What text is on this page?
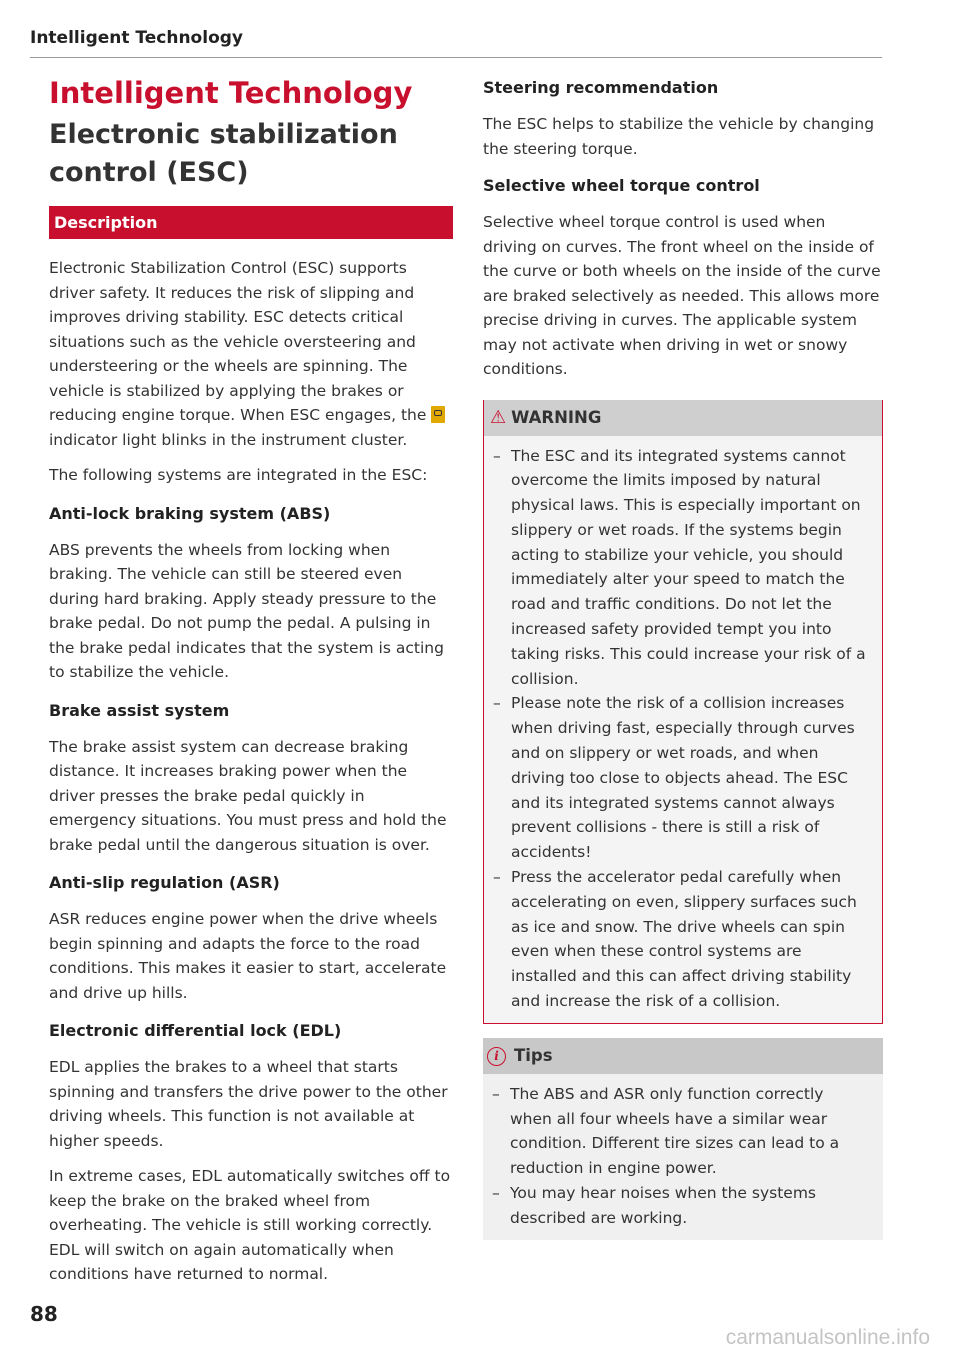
Intelligent Technology
Intelligent Technology
Electronic stabilization
control (ESC)
Description

Electronic Stabilization Control (ESC) supports driver safety. It reduces the risk of slipping and improves driving stability. ESC detects critical situations such as the vehicle oversteering and understeering or the wheels are spinning. The vehicle is stabilized by applying the brakes or reducing engine torque. When ESC engages, the  indicator light blinks in the instrument cluster.

The following systems are integrated in the ESC:

Anti-lock braking system (ABS)

ABS prevents the wheels from locking when braking. The vehicle can still be steered even during hard braking. Apply steady pressure to the brake pedal. Do not pump the pedal. A pulsing in the brake pedal indicates that the system is acting to stabilize the vehicle.

Brake assist system

The brake assist system can decrease braking distance. It increases braking power when the driver presses the brake pedal quickly in emergency situations. You must press and hold the brake pedal until the dangerous situation is over.

Anti-slip regulation (ASR)

ASR reduces engine power when the drive wheels begin spinning and adapts the force to the road conditions. This makes it easier to start, accelerate and drive up hills.

Electronic differential lock (EDL)

EDL applies the brakes to a wheel that starts spinning and transfers the drive power to the other driving wheels. This function is not available at higher speeds.

In extreme cases, EDL automatically switches off to keep the brake on the braked wheel from overheating. The vehicle is still working correctly. EDL will switch on again automatically when conditions have returned to normal.

Steering recommendation

The ESC helps to stabilize the vehicle by changing the steering torque.

Selective wheel torque control

Selective wheel torque control is used when driving on curves. The front wheel on the inside of the curve or both wheels on the inside of the curve are braked selectively as needed. This allows more precise driving in curves. The applicable system may not activate when driving in wet or snowy conditions.

⚠ WARNING
– The ESC and its integrated systems cannot overcome the limits imposed by natural physical laws. This is especially important on slippery or wet roads. If the systems begin acting to stabilize your vehicle, you should immediately alter your speed to match the road and traffic conditions. Do not let the increased safety provided tempt you into taking risks. This could increase your risk of a collision.
– Please note the risk of a collision increases when driving fast, especially through curves and on slippery or wet roads, and when driving too close to objects ahead. The ESC and its integrated systems cannot always prevent collisions - there is still a risk of accidents!
– Press the accelerator pedal carefully when accelerating on even, slippery surfaces such as ice and snow. The drive wheels can spin even when these control systems are installed and this can affect driving stability and increase the risk of a collision.
i Tips
– The ABS and ASR only function correctly when all four wheels have a similar wear condition. Different tire sizes can lead to a reduction in engine power.
– You may hear noises when the systems described are working.
88
carmanualsonline.info
